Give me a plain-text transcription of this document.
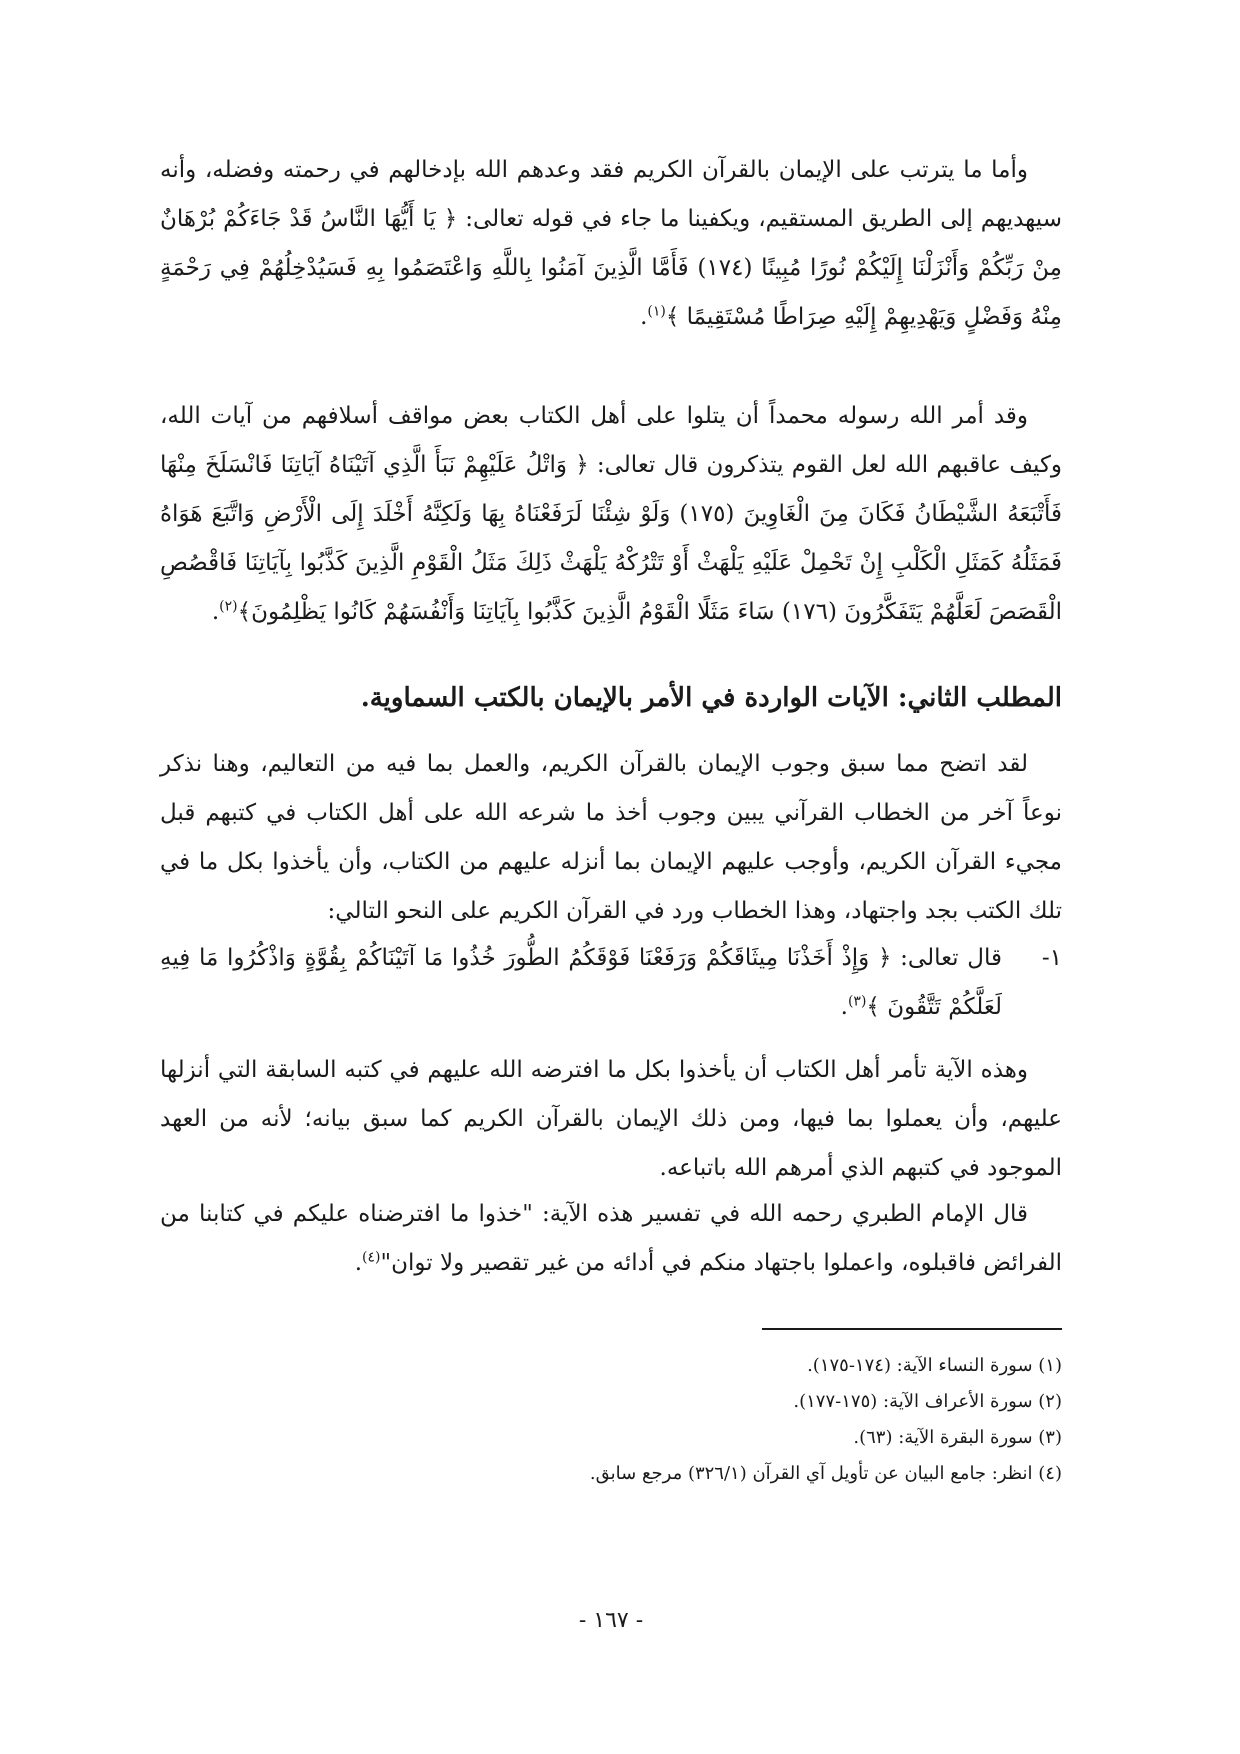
وأما ما يترتب على الإيمان بالقرآن الكريم فقد وعدهم الله بإدخالهم في رحمته وفضله، وأنه سيهديهم إلى الطريق المستقيم، ويكفينا ما جاء في قوله تعالى: ﴿ يَا أَيُّهَا النَّاسُ قَدْ جَاءَكُمْ بُرْهَانٌ مِنْ رَبِّكُمْ وَأَنْزَلْنَا إِلَيْكُمْ نُورًا مُبِينًا (١٧٤) فَأَمَّا الَّذِينَ آمَنُوا بِاللَّهِ وَاعْتَصَمُوا بِهِ فَسَيُدْخِلُهُمْ فِي رَحْمَةٍ مِنْهُ وَفَضْلٍ وَيَهْدِيهِمْ إِلَيْهِ صِرَاطًا مُسْتَقِيمًا ﴾$^{(١)}$.

وقد أمر الله رسوله محمداً أن يتلوا على أهل الكتاب بعض مواقف أسلافهم من آيات الله، وكيف عاقبهم الله لعل القوم يتذكرون قال تعالى: ﴿ وَاتْلُ عَلَيْهِمْ نَبَأَ الَّذِي آتَيْنَاهُ آيَاتِنَا فَانْسَلَخَ مِنْهَا فَأَتْبَعَهُ الشَّيْطَانُ فَكَانَ مِنَ الْغَاوِينَ (١٧٥) وَلَوْ شِئْنَا لَرَفَعْنَاهُ بِهَا وَلَكِنَّهُ أَخْلَدَ إِلَى الْأَرْضِ وَاتَّبَعَ هَوَاهُ فَمَثَلُهُ كَمَثَلِ الْكَلْبِ إِنْ تَحْمِلْ عَلَيْهِ يَلْهَثْ أَوْ تَتْرُكْهُ يَلْهَثْ ذَلِكَ مَثَلُ الْقَوْمِ الَّذِينَ كَذَّبُوا بِآيَاتِنَا فَاقْصُصِ الْقَصَصَ لَعَلَّهُمْ يَتَفَكَّرُونَ (١٧٦) سَاءَ مَثَلًا الْقَوْمُ الَّذِينَ كَذَّبُوا بِآيَاتِنَا وَأَنْفُسَهُمْ كَانُوا يَظْلِمُونَ﴾$^{(٢)}$.

المطلب الثاني: الآيات الواردة في الأمر بالإيمان بالكتب السماوية.

لقد اتضح مما سبق وجوب الإيمان بالقرآن الكريم، والعمل بما فيه من التعاليم، وهنا نذكر نوعاً آخر من الخطاب القرآني يبين وجوب أخذ ما شرعه الله على أهل الكتاب في كتبهم قبل مجيء القرآن الكريم، وأوجب عليهم الإيمان بما أنزله عليهم من الكتاب، وأن يأخذوا بكل ما في تلك الكتب بجد واجتهاد، وهذا الخطاب ورد في القرآن الكريم على النحو التالي:

١-
قال تعالى: ﴿ وَإِذْ أَخَذْنَا مِيثَاقَكُمْ وَرَفَعْنَا فَوْقَكُمُ الطُّورَ خُذُوا مَا آتَيْنَاكُمْ بِقُوَّةٍ وَاذْكُرُوا مَا فِيهِ لَعَلَّكُمْ تَتَّقُونَ ﴾$^{(٣)}$.

وهذه الآية تأمر أهل الكتاب أن يأخذوا بكل ما افترضه الله عليهم في كتبه السابقة التي أنزلها عليهم، وأن يعملوا بما فيها، ومن ذلك الإيمان بالقرآن الكريم كما سبق بيانه؛ لأنه من العهد الموجود في كتبهم الذي أمرهم الله باتباعه.

قال الإمام الطبري رحمه الله في تفسير هذه الآية: "خذوا ما افترضناه عليكم في كتابنا من الفرائض فاقبلوه، واعملوا باجتهاد منكم في أدائه من غير تقصير ولا توان"$^{(٤)}$.

(١) سورة النساء الآية: (١٧٤-١٧٥).
(٢) سورة الأعراف الآية: (١٧٥-١٧٧).
(٣) سورة البقرة الآية: (٦٣).
(٤) انظر: جامع البيان عن تأويل آي القرآن (٣٢٦/١) مرجع سابق.
- ١٦٧ -
